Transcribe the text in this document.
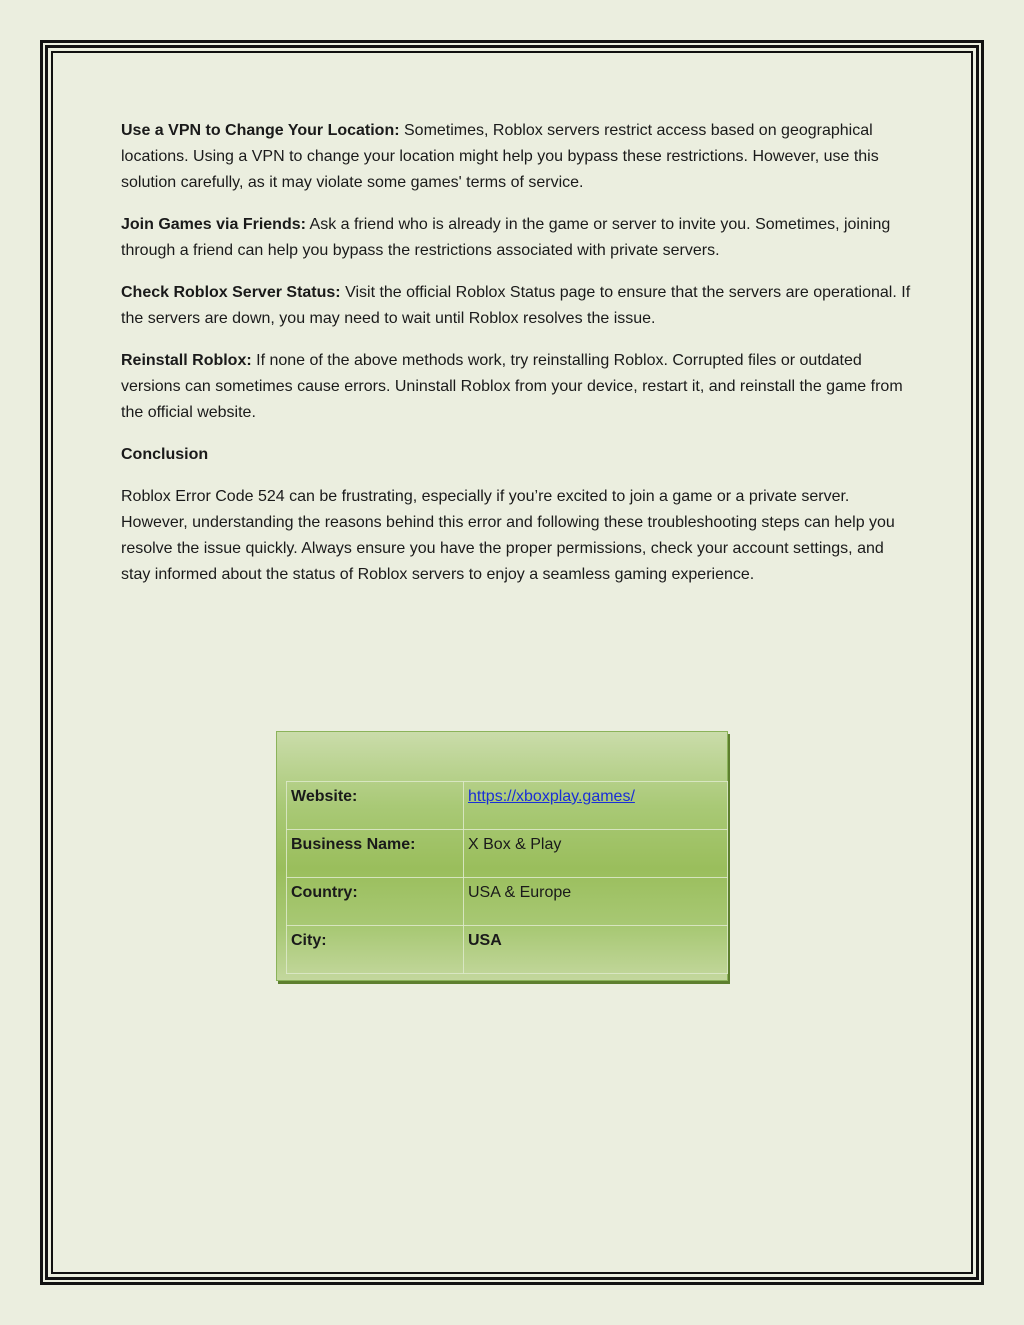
Use a VPN to Change Your Location: Sometimes, Roblox servers restrict access based on geographical locations. Using a VPN to change your location might help you bypass these restrictions. However, use this solution carefully, as it may violate some games' terms of service.

Join Games via Friends: Ask a friend who is already in the game or server to invite you. Sometimes, joining through a friend can help you bypass the restrictions associated with private servers.

Check Roblox Server Status: Visit the official Roblox Status page to ensure that the servers are operational. If the servers are down, you may need to wait until Roblox resolves the issue.

Reinstall Roblox: If none of the above methods work, try reinstalling Roblox. Corrupted files or outdated versions can sometimes cause errors. Uninstall Roblox from your device, restart it, and reinstall the game from the official website.

Conclusion

Roblox Error Code 524 can be frustrating, especially if you’re excited to join a game or a private server. However, understanding the reasons behind this error and following these troubleshooting steps can help you resolve the issue quickly. Always ensure you have the proper permissions, check your account settings, and stay informed about the status of Roblox servers to enjoy a seamless gaming experience.

Website:	https://xboxplay.games/
Business Name:	X Box & Play
Country:	USA & Europe
City:	USA
